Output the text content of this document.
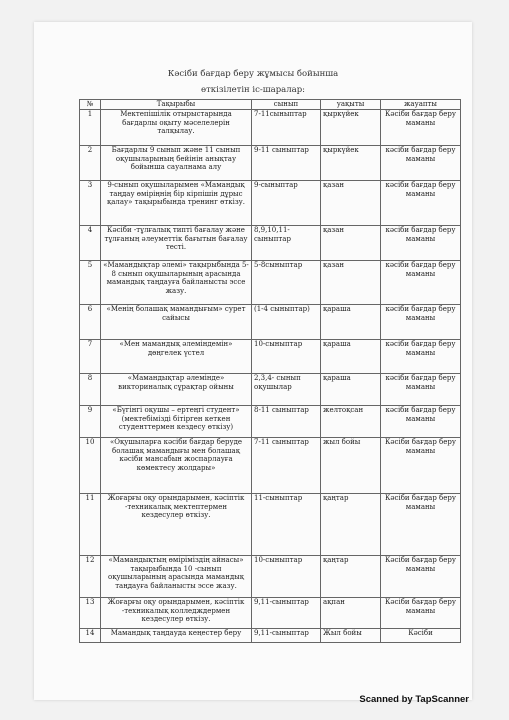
Кәсіби бағдар беру жұмысы бойынша
өткізілетін іс-шаралар:
№	Тақырыбы	сынып	уақыты	жауапты
1	Мектепішілік отырыстарында бағдарлы оқыту мәселелерін талқылау.	7-11сыныптар	қыркүйек	Кәсіби бағдар беру маманы
2	Бағдарлы 9 сынып және 11 сынып оқушыларының бейінін анықтау бойынша сауалнама алу	9-11 сыныптар	қыркүйек	кәсіби бағдар беру маманы
3	9-сынып оқушыларымен «Мамандық таңдау өміріңнің бір кірпішін дұрыс қалау» тақырыбында тренинг өткізу.	9-сыныптар	қазан	кәсіби бағдар беру маманы
4	Кәсіби -тұлғалық типті бағалау және тұлғаның әлеуметтік бағытын бағалау тесті.	8,9,10,11-сыныптар	қазан	кәсіби бағдар беру маманы
5	«Мамандықтар әлемі» тақырыбында 5-8 сынып оқушыларының арасында мамандық таңдауға байланысты эссе жазу.	5-8сыныптар	қазан	кәсіби бағдар беру маманы
6	«Менің болашақ мамандығым» сурет сайысы	(1-4 сыныптар)	қараша	кәсіби бағдар беру маманы
7	«Мен мамандық әлеміндемін» дөңгелек үстел	10-сыныптар	қараша	кәсіби бағдар беру маманы
8	«Мамандықтар әлемінде» викториналық сұрақтар ойыны	2,3,4- сынып оқушылар	қараша	кәсіби бағдар беру маманы
9	«Бүгінгі оқушы – ертеңгі студент» (мектебімізді бітірген кеткен студенттермен кездесу өткізу)	8-11 сыныптар	желтоқсан	кәсіби бағдар беру маманы
10	«Оқушыларға кәсіби бағдар беруде болашақ мамандығы мен болашақ кәсіби мансабын жоспарлауға көмектесу жолдары»	7-11 сыныптар	жыл бойы	Кәсіби бағдар беру маманы
11	Жоғарғы оқу орындарымен, кәсіптік -техникалық мектептермен кездесулер өткізу.	11-сыныптар	қаңтар	Кәсіби бағдар беру маманы
12	«Мамандықтың өміріміздің айнасы» тақырыбында 10 -сынып оқушыларының арасында мамандық таңдауға байланысты эссе жазу.	10-сыныптар	қаңтар	Кәсіби бағдар беру маманы
13	Жоғарғы оқу орындарымен, кәсіптік -техникалық колледждермен кездесулер өткізу.	9,11-сыныптар	ақпан	Кәсіби бағдар беру маманы
14	Мамандық таңдауда кеңестер беру	9,11-сыныптар	Жыл бойы	Кәсіби
Scanned by TapScanner
